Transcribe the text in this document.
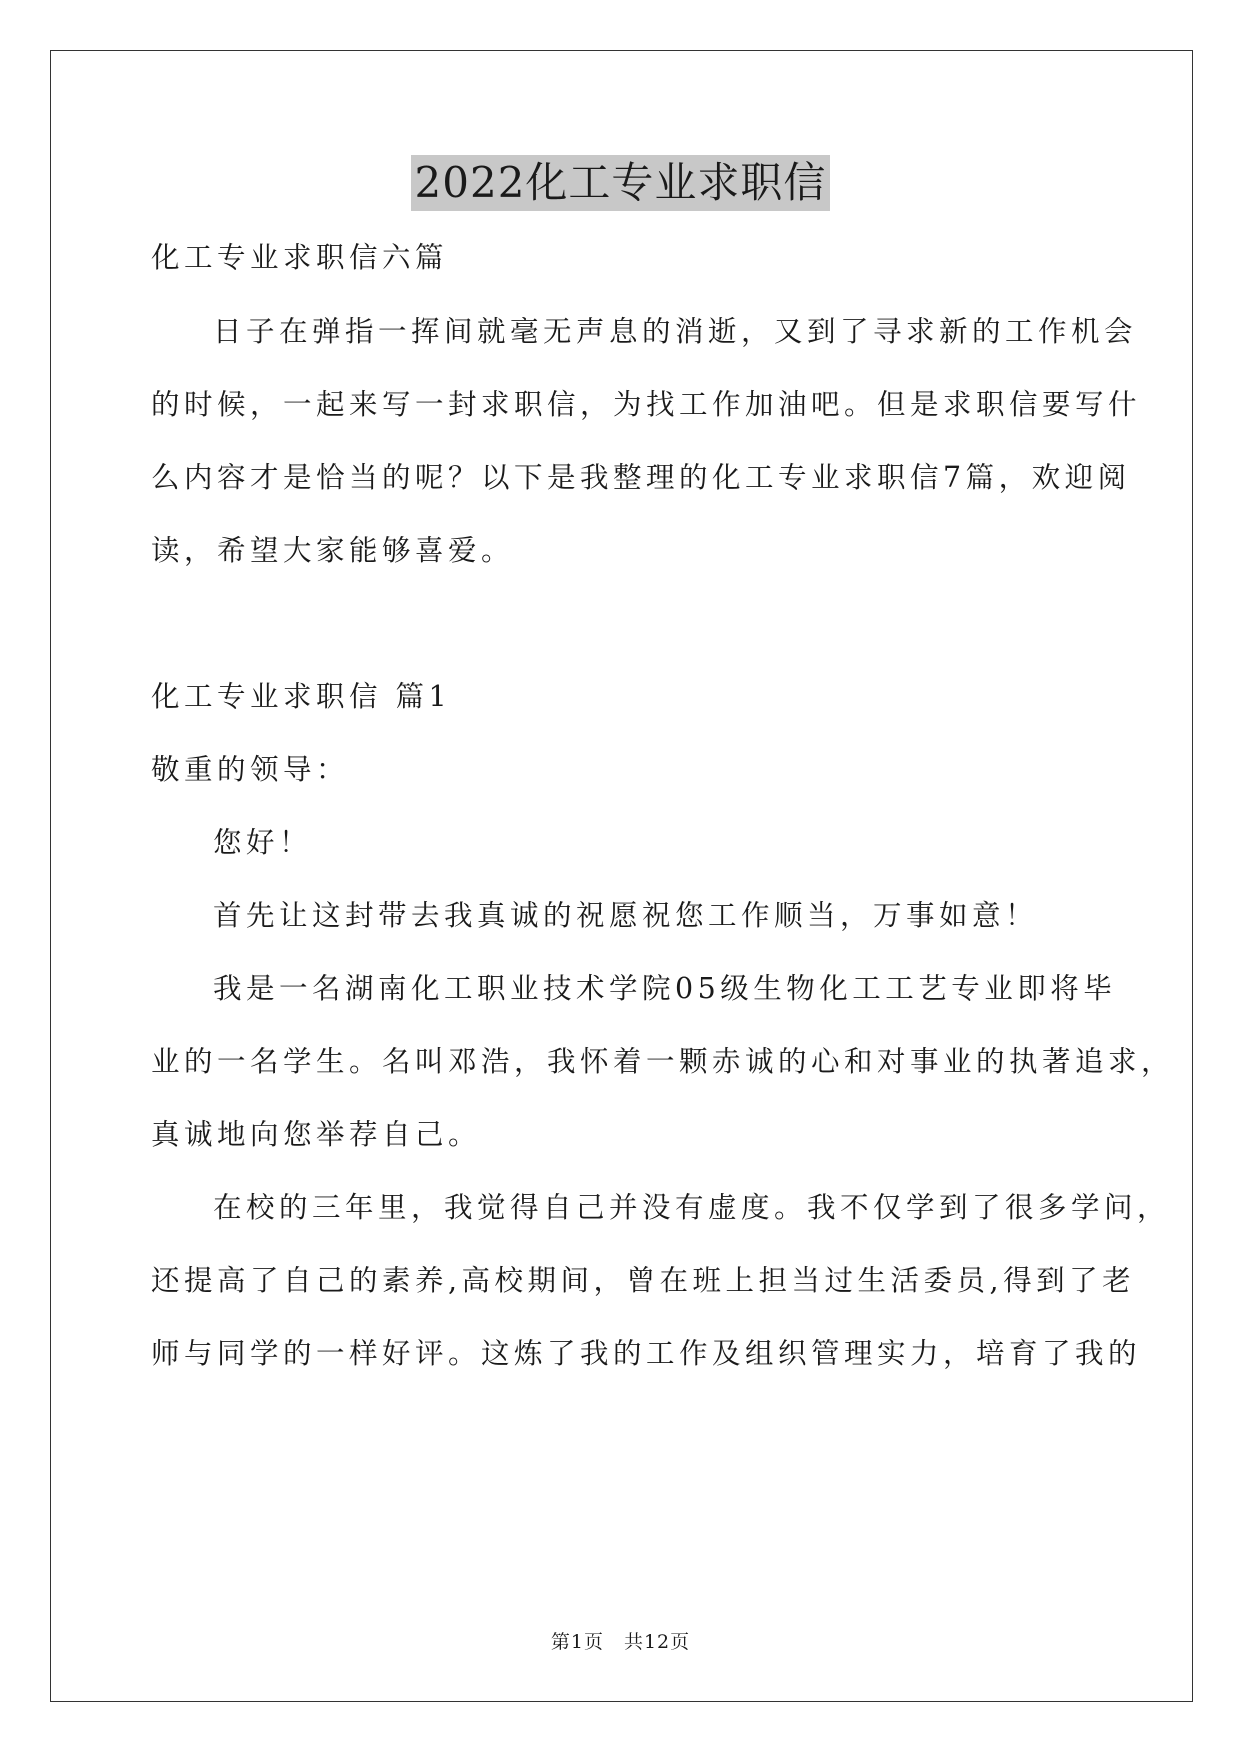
2022化工专业求职信

化工专业求职信六篇

日子在弹指一挥间就毫无声息的消逝，又到了寻求新的工作机会

的时候，一起来写一封求职信，为找工作加油吧。但是求职信要写什

么内容才是恰当的呢？以下是我整理的化工专业求职信7篇，欢迎阅

读，希望大家能够喜爱。

化工专业求职信 篇1

敬重的领导：

您好！

首先让这封带去我真诚的祝愿祝您工作顺当，万事如意！

我是一名湖南化工职业技术学院05级生物化工工艺专业即将毕

业的一名学生。名叫邓浩，我怀着一颗赤诚的心和对事业的执著追求，

真诚地向您举荐自己。

在校的三年里，我觉得自己并没有虚度。我不仅学到了很多学问，

还提高了自己的素养,高校期间，曾在班上担当过生活委员,得到了老

师与同学的一样好评。这炼了我的工作及组织管理实力，培育了我的

第1页　共12页
